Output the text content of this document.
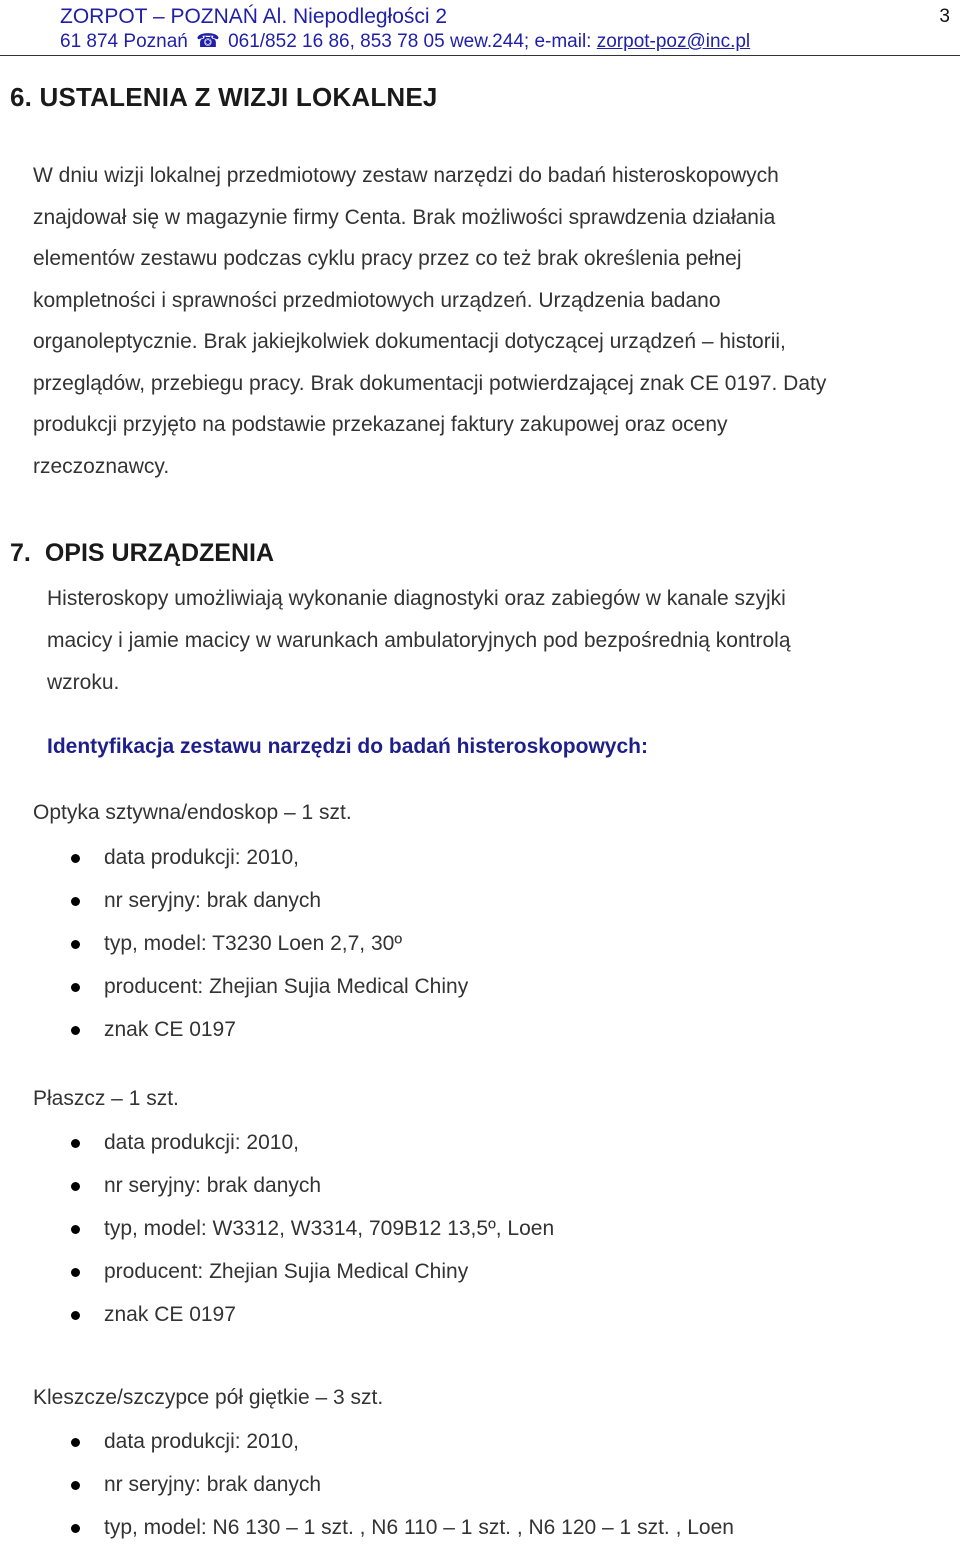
ZORPOT – POZNAŃ Al. Niepodległości 2
61 874 Poznań ☎ 061/852 16 86, 853 78 05 wew.244; e-mail: zorpot-poz@inc.pl
3
6. USTALENIA Z WIZJI LOKALNEJ
W dniu wizji lokalnej przedmiotowy zestaw narzędzi do badań histeroskopowych
znajdował się w magazynie firmy Centa. Brak możliwości sprawdzenia działania
elementów zestawu podczas cyklu pracy przez co też brak określenia pełnej
kompletności i sprawności przedmiotowych urządzeń. Urządzenia badano
organoleptycznie. Brak jakiejkolwiek dokumentacji dotyczącej urządzeń – historii,
przeglądów, przebiegu pracy. Brak dokumentacji potwierdzającej znak CE 0197. Daty
produkcji przyjęto na podstawie przekazanej faktury zakupowej oraz oceny
rzeczoznawcy.
7. OPIS URZĄDZENIA
Histeroskopy umożliwiają wykonanie diagnostyki oraz zabiegów w kanale szyjki
macicy i jamie macicy w warunkach ambulatoryjnych pod bezpośrednią kontrolą
wzroku.
Identyfikacja zestawu narzędzi do badań histeroskopowych:
Optyka sztywna/endoskop – 1 szt.
data produkcji: 2010,
nr seryjny: brak danych
typ, model: T3230 Loen 2,7, 30º
producent: Zhejian Sujia Medical Chiny
znak CE 0197
Płaszcz – 1 szt.
data produkcji: 2010,
nr seryjny: brak danych
typ, model: W3312, W3314, 709B12 13,5º, Loen
producent: Zhejian Sujia Medical Chiny
znak CE 0197
Kleszcze/szczypce pół giętkie – 3 szt.
data produkcji: 2010,
nr seryjny: brak danych
typ, model: N6 130 – 1 szt. , N6 110 – 1 szt. , N6 120 – 1 szt. , Loen
